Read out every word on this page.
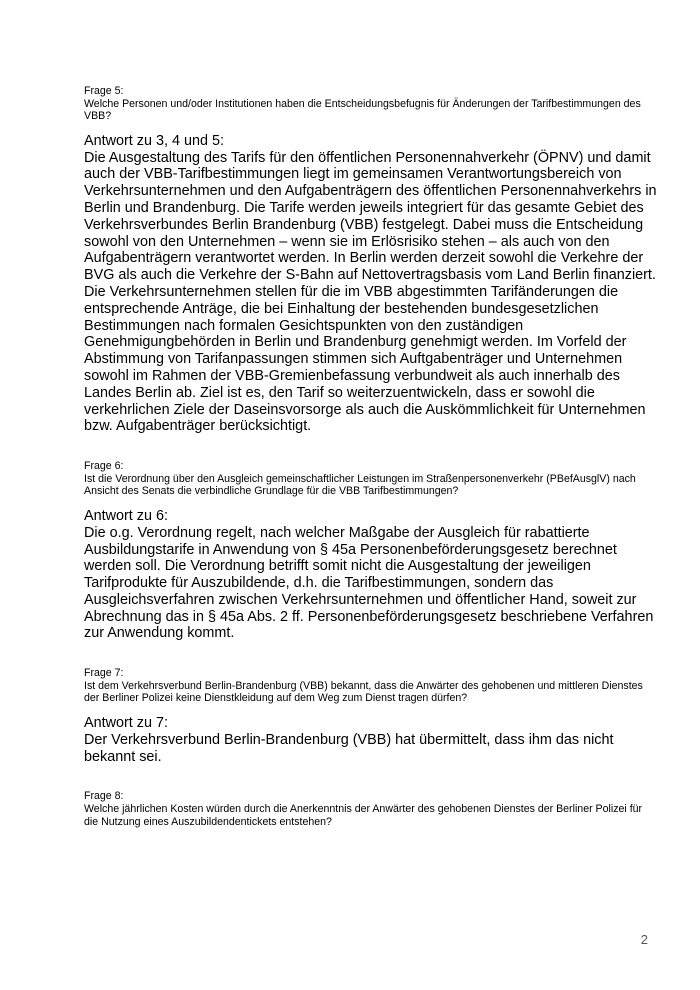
Frage 5:

Welche Personen und/oder Institutionen haben die Entscheidungsbefugnis für Änderungen der Tarifbestimmungen des VBB?

Antwort zu 3, 4 und 5:

Die Ausgestaltung des Tarifs für den öffentlichen Personennahverkehr (ÖPNV) und damit auch der VBB-Tarifbestimmungen liegt im gemeinsamen Verantwortungsbereich von Verkehrsunternehmen und den Aufgabenträgern des öffentlichen Personennahverkehrs in Berlin und Brandenburg. Die Tarife werden jeweils integriert für das gesamte Gebiet des Verkehrsverbundes Berlin Brandenburg (VBB) festgelegt. Dabei muss die Entscheidung sowohl von den Unternehmen – wenn sie im Erlösrisiko stehen – als auch von den Aufgabenträgern verantwortet werden. In Berlin werden derzeit sowohl die Verkehre der BVG als auch die Verkehre der S-Bahn auf Nettovertragsbasis vom Land Berlin finanziert. Die Verkehrsunternehmen stellen für die im VBB abgestimmten Tarifänderungen die entsprechende Anträge, die bei Einhaltung der bestehenden bundesgesetzlichen Bestimmungen nach formalen Gesichtspunkten von den zuständigen Genehmigungbehörden in Berlin und Brandenburg genehmigt werden. Im Vorfeld der Abstimmung von Tarifanpassungen stimmen sich Auftgabenträger und Unternehmen sowohl im Rahmen der VBB-Gremienbefassung verbundweit als auch innerhalb des Landes Berlin ab. Ziel ist es, den Tarif so weiterzuentwickeln, dass er sowohl die verkehrlichen Ziele der Daseinsvorsorge als auch die Auskömmlichkeit für Unternehmen bzw. Aufgabenträger berücksichtigt.

Frage 6:

Ist die Verordnung über den Ausgleich gemeinschaftlicher Leistungen im Straßenpersonenverkehr (PBefAusglV) nach Ansicht des Senats die verbindliche Grundlage für die VBB Tarifbestimmungen?

Antwort zu 6:

Die o.g. Verordnung regelt, nach welcher Maßgabe der Ausgleich für rabattierte Ausbildungstarife in Anwendung von § 45a Personenbeförderungsgesetz berechnet werden soll. Die Verordnung betrifft somit nicht die Ausgestaltung der jeweiligen Tarifprodukte für Auszubildende, d.h. die Tarifbestimmungen, sondern das Ausgleichsverfahren zwischen Verkehrsunternehmen und öffentlicher Hand, soweit zur Abrechnung das in § 45a Abs. 2 ff. Personenbeförderungsgesetz beschriebene Verfahren zur Anwendung kommt.

Frage 7:

Ist dem Verkehrsverbund Berlin-Brandenburg (VBB) bekannt, dass die Anwärter des gehobenen und mittleren Dienstes der Berliner Polizei keine Dienstkleidung auf dem Weg zum Dienst tragen dürfen?

Antwort zu 7:

Der Verkehrsverbund Berlin-Brandenburg (VBB) hat übermittelt, dass ihm das nicht bekannt sei.

Frage 8:

Welche jährlichen Kosten würden durch die Anerkenntnis der Anwärter des gehobenen Dienstes der Berliner Polizei für die Nutzung eines Auszubildendentickets entstehen?

2
